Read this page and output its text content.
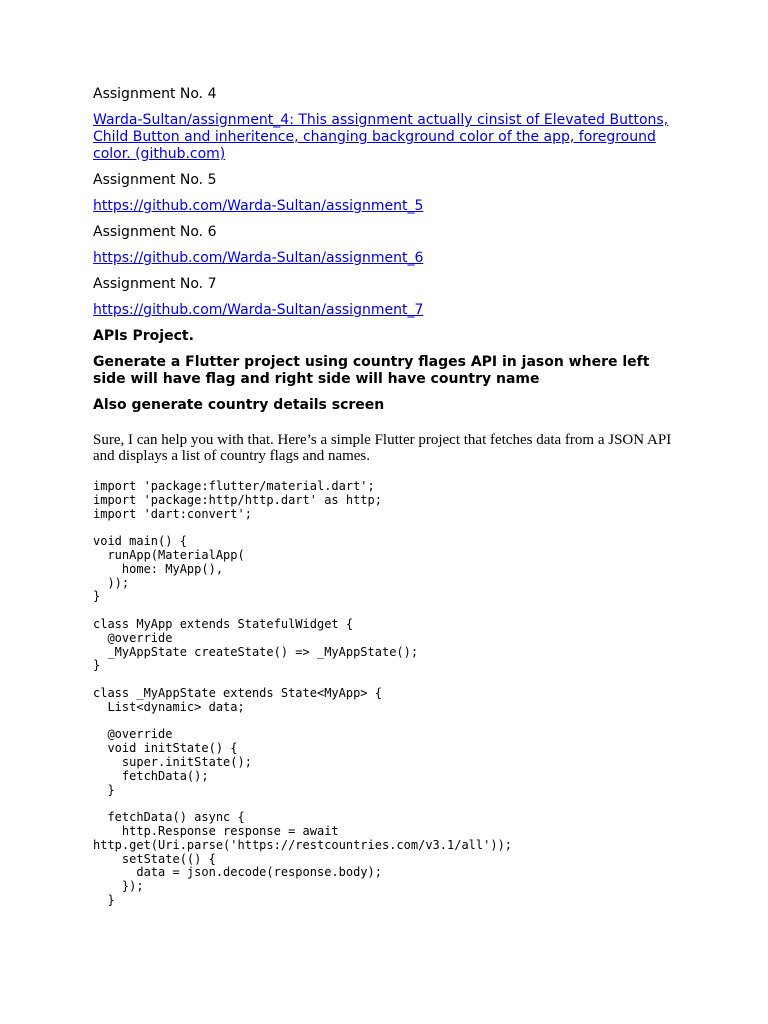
Assignment No. 4

Warda-Sultan/assignment_4: This assignment actually cinsist of Elevated Buttons, Child Button and inheritence, changing background color of the app, foreground color. (github.com)

Assignment No. 5

https://github.com/Warda-Sultan/assignment_5

Assignment No. 6

https://github.com/Warda-Sultan/assignment_6

Assignment No. 7

https://github.com/Warda-Sultan/assignment_7

APIs Project.

Generate a Flutter project using country flages API in jason where left side will have flag and right side will have country name

Also generate country details screen

Sure, I can help you with that. Here’s a simple Flutter project that fetches data from a JSON API and displays a list of country flags and names.

import 'package:flutter/material.dart';
import 'package:http/http.dart' as http;
import 'dart:convert';

void main() {
runApp(MaterialApp(
home: MyApp(),
));
}

class MyApp extends StatefulWidget {
@override
_MyAppState createState() => _MyAppState();
}

class _MyAppState extends State<MyApp> {
List<dynamic> data;

@override
void initState() {
super.initState();
fetchData();
}

fetchData() async {
http.Response response = await
http.get(Uri.parse('https://restcountries.com/v3.1/all'));
setState(() {
data = json.decode(response.body);
});
}
